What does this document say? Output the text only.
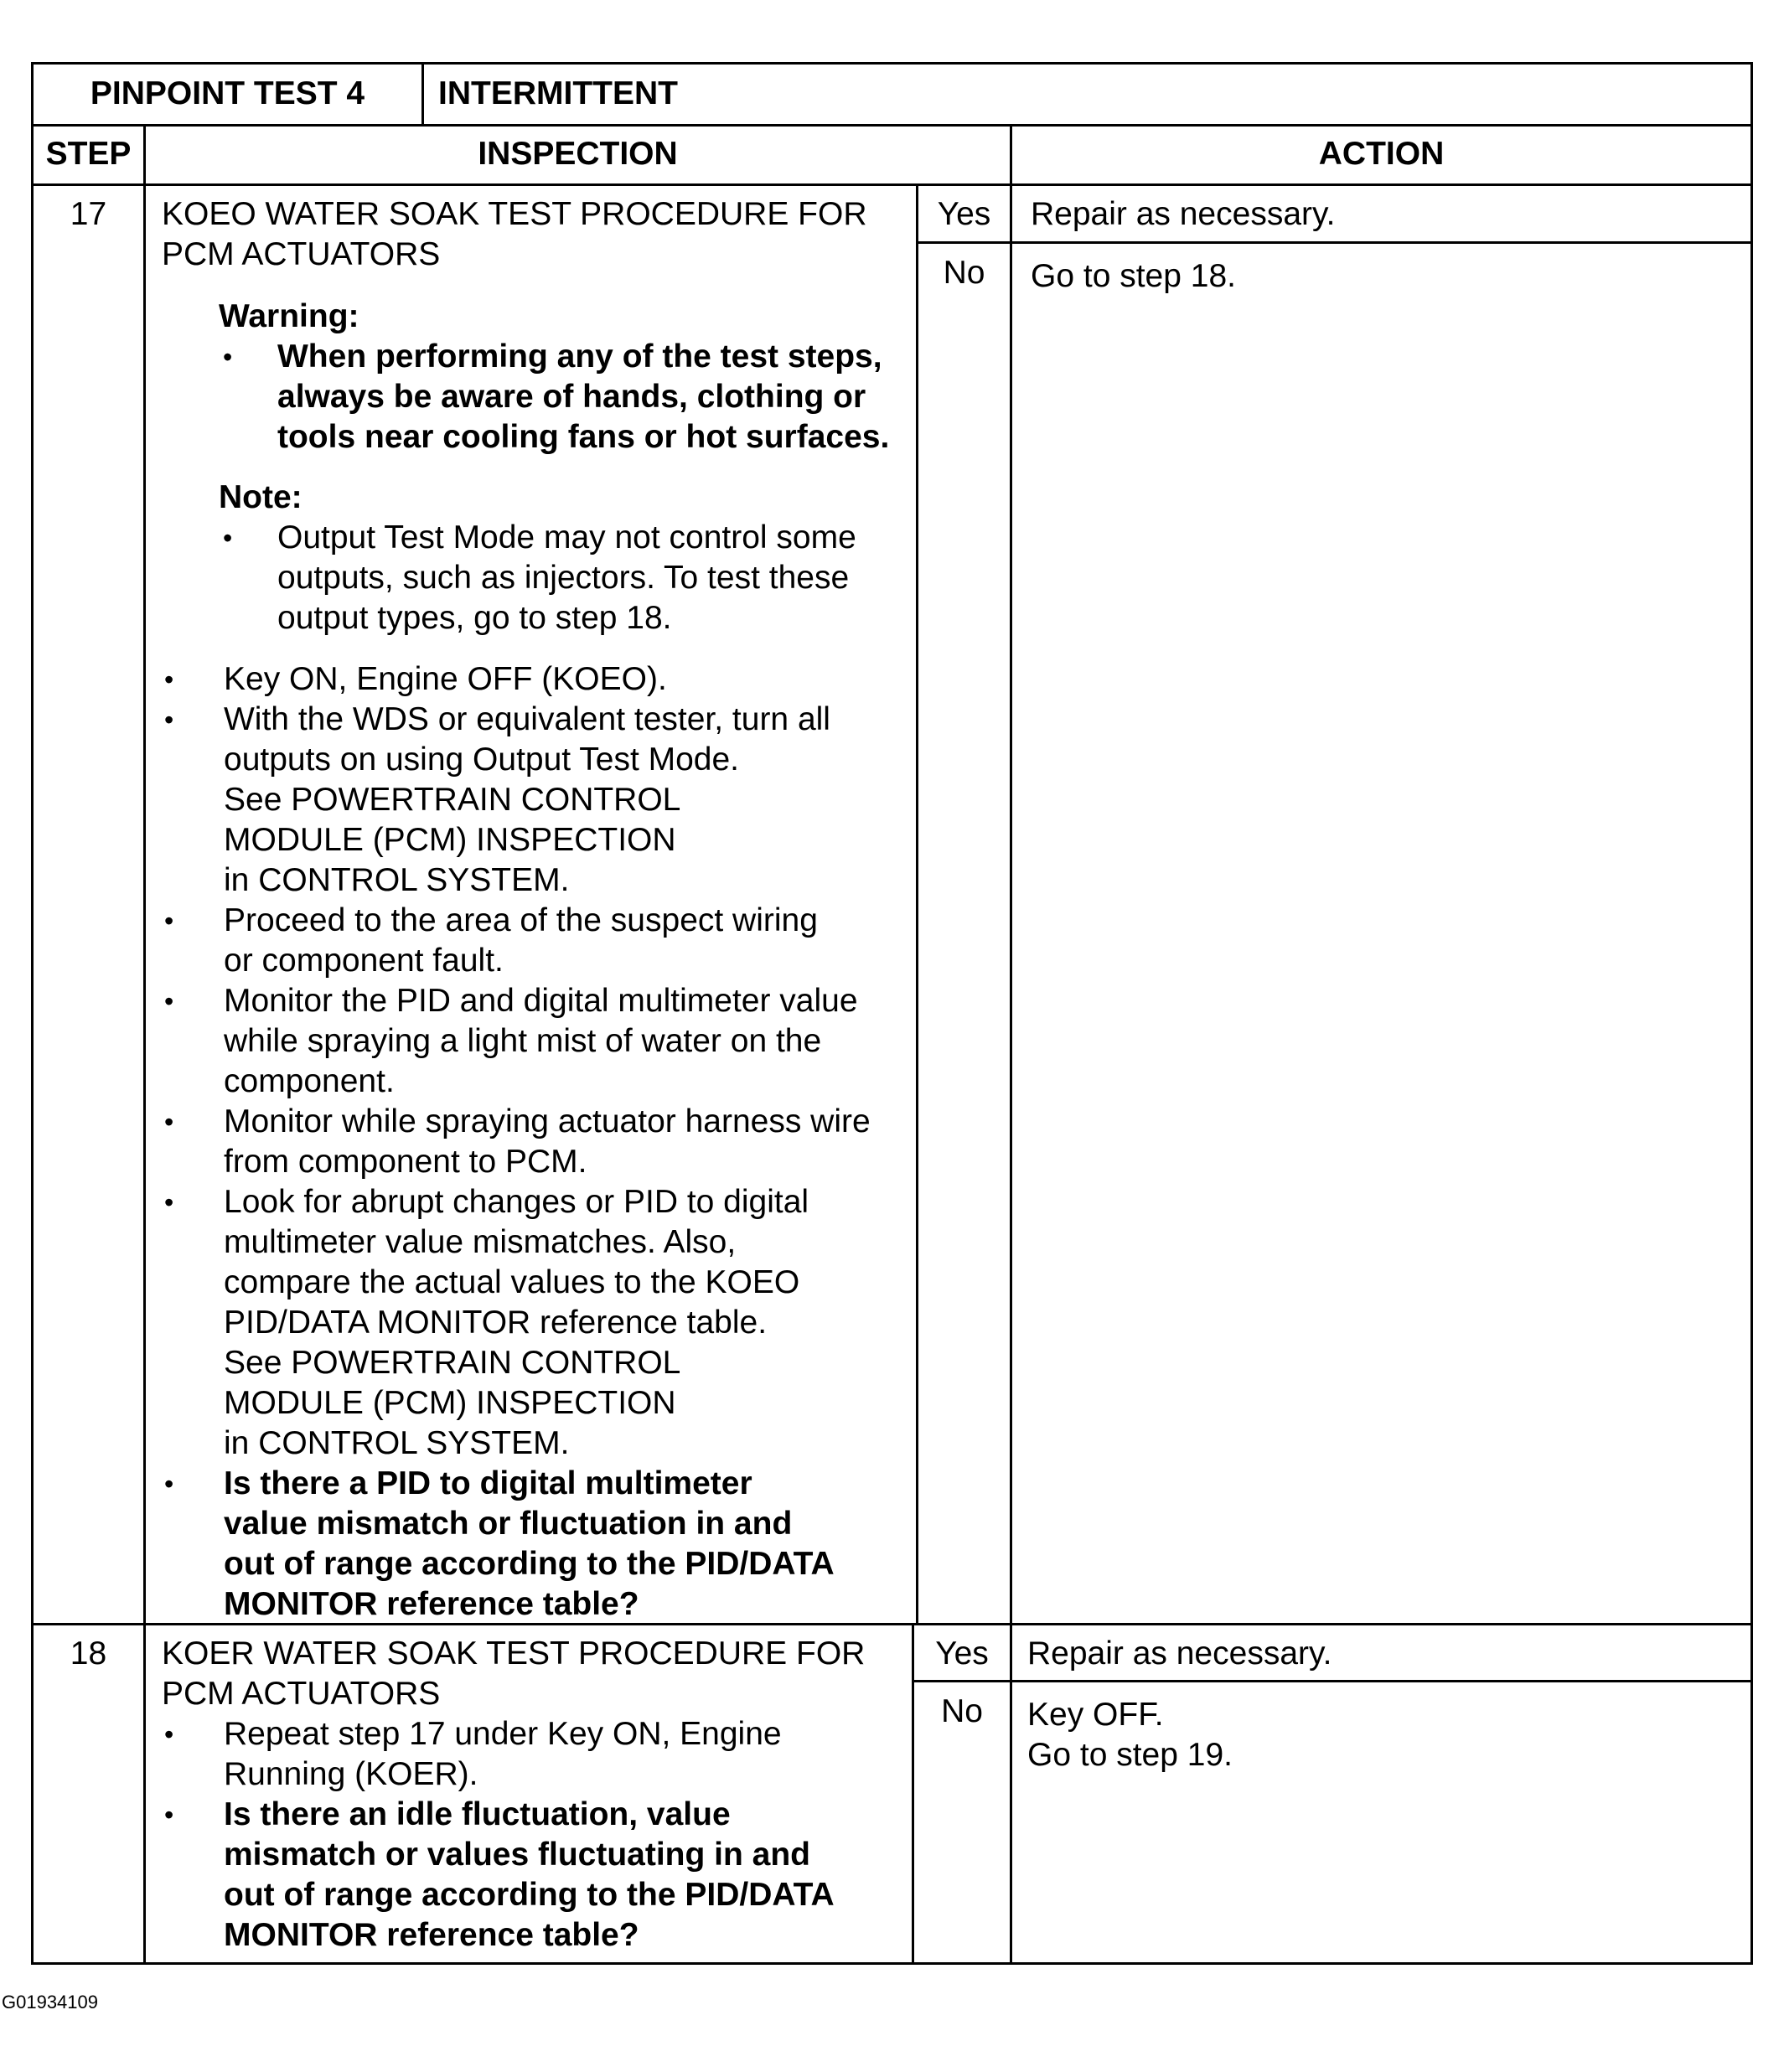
PINPOINT TEST 4	INTERMITTENT
STEP	INSPECTION	ACTION
17	KOEO WATER SOAK TEST PROCEDURE FOR
PCM ACTUATORS
Warning:
• When performing any of the test steps,
always be aware of hands, clothing or
tools near cooling fans or hot surfaces.
Note:
• Output Test Mode may not control some
outputs, such as injectors. To test these
output types, go to step 18.
• Key ON, Engine OFF (KOEO).
• With the WDS or equivalent tester, turn all
outputs on using Output Test Mode.
See POWERTRAIN CONTROL
MODULE (PCM) INSPECTION
in CONTROL SYSTEM.
• Proceed to the area of the suspect wiring
or component fault.
• Monitor the PID and digital multimeter value
while spraying a light mist of water on the
component.
• Monitor while spraying actuator harness wire
from component to PCM.
• Look for abrupt changes or PID to digital
multimeter value mismatches. Also,
compare the actual values to the KOEO
PID/DATA MONITOR reference table.
See POWERTRAIN CONTROL
MODULE (PCM) INSPECTION
in CONTROL SYSTEM.
• Is there a PID to digital multimeter
value mismatch or fluctuation in and
out of range according to the PID/DATA
MONITOR reference table?
Yes	Repair as necessary.
No	Go to step 18.
18	KOER WATER SOAK TEST PROCEDURE FOR
PCM ACTUATORS
• Repeat step 17 under Key ON, Engine
Running (KOER).
• Is there an idle fluctuation, value
mismatch or values fluctuating in and
out of range according to the PID/DATA
MONITOR reference table?
Yes	Repair as necessary.
No	Key OFF.
Go to step 19.
G01934109
